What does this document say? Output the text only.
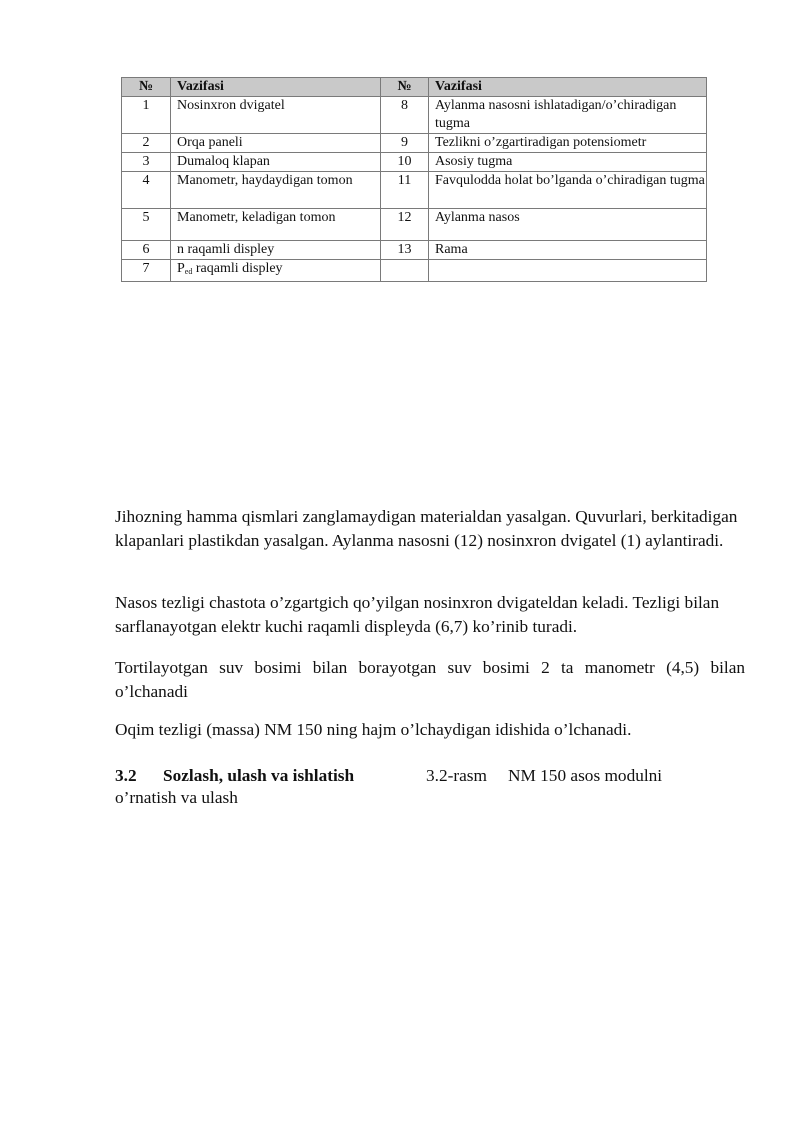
№	Vazifasi	№	Vazifasi
1	Nosinxron dvigatel	8	Aylanma nasosni ishlatadigan/o’chiradigan tugma
2	Orqa paneli	9	Tezlikni o’zgartiradigan potensiometr
3	Dumaloq klapan	10	Asosiy tugma
4	Manometr, haydaydigan tomon	11	Favqulodda holat bo’lganda o’chiradigan tugma
5	Manometr, keladigan tomon	12	Aylanma nasos
6	n raqamli displey	13	Rama
7	$P_{ed}$ raqamli displey		

Jihozning hamma qismlari zanglamaydigan materialdan yasalgan. Quvurlari, berkitadigan klapanlari plastikdan yasalgan. Aylanma nasosni (12) nosinxron dvigatel (1) aylantiradi.

Nasos tezligi chastota o’zgartgich qo’yilgan nosinxron dvigateldan keladi. Tezligi bilan sarflanayotgan elektr kuchi raqamli displeyda (6,7) ko’rinib turadi.

Tortilayotgan suv bosimi bilan borayotgan suv bosimi 2 ta manometr (4,5) bilan o’lchanadi

Oqim tezligi (massa) NM 150 ning hajm o’lchaydigan idishida o’lchanadi.

3.2 Sozlash, ulash va ishlatish	3.2-rasm NM 150 asos modulni
o’rnatish va ulash
